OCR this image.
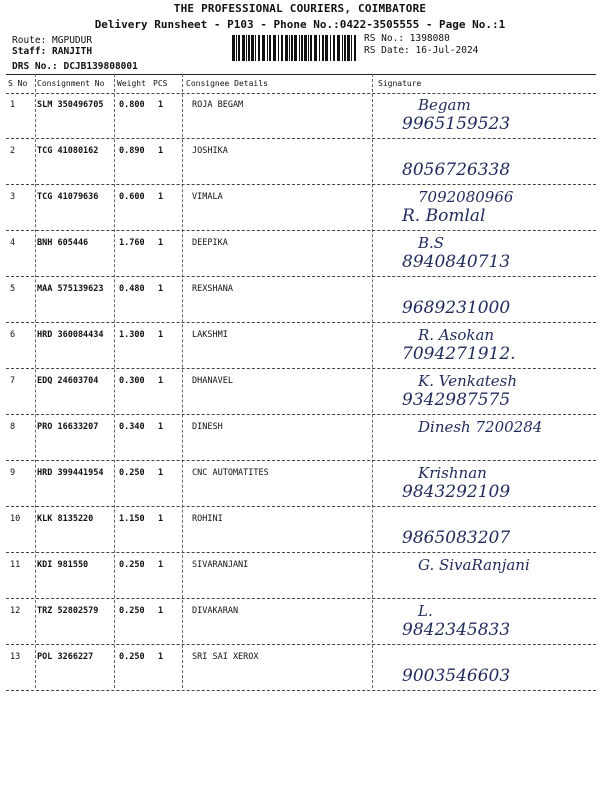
THE PROFESSIONAL COURIERS, COIMBATORE
Delivery Runsheet - P103 - Phone No.:0422-3505555 - Page No.:1
Route: MGPUDUR
Staff: RANJITH
DRS No.: DCJB139808001
RS No.: 1398080
RS Date: 16-Jul-2024
S No Consignment No Weight PCS Consignee Details	Signature
1	SLM 350496705 0.800 1	ROJA BEGAM	Begam
9965159523
2	TCG 41080162 0.890 1	JOSHIKA
8056726338
3	TCG 41079636 0.600 1	VIMALA	7092080966
R. Bomlal
4	BNH 605446	1.760 1	DEEPIKA	B.S
8940840713
5	MAA 575139623 0.480 1	REXSHANA
9689231000
6	HRD 360084434 1.300 1	LAKSHMI	R. Asokan
7094271912.
7	EDQ 24603704 0.300 1	DHANAVEL	K. Venkatesh
9342987575
8	PRO 16633207 0.340 1	DINESH	Dinesh 7200284
9	HRD 399441954 0.250 1	CNC AUTOMATITES	Krishnan
9843292109
10 KLK 8135220	1.150 1	ROHINI
9865083207
11 KDI 981550	0.250 1	SIVARANJANI	G. SivaRanjani
12 TRZ 52802579 0.250 1	DIVAKARAN	L.
9842345833
13 POL 3266227	0.250 1	SRI SAI XEROX
9003546603
